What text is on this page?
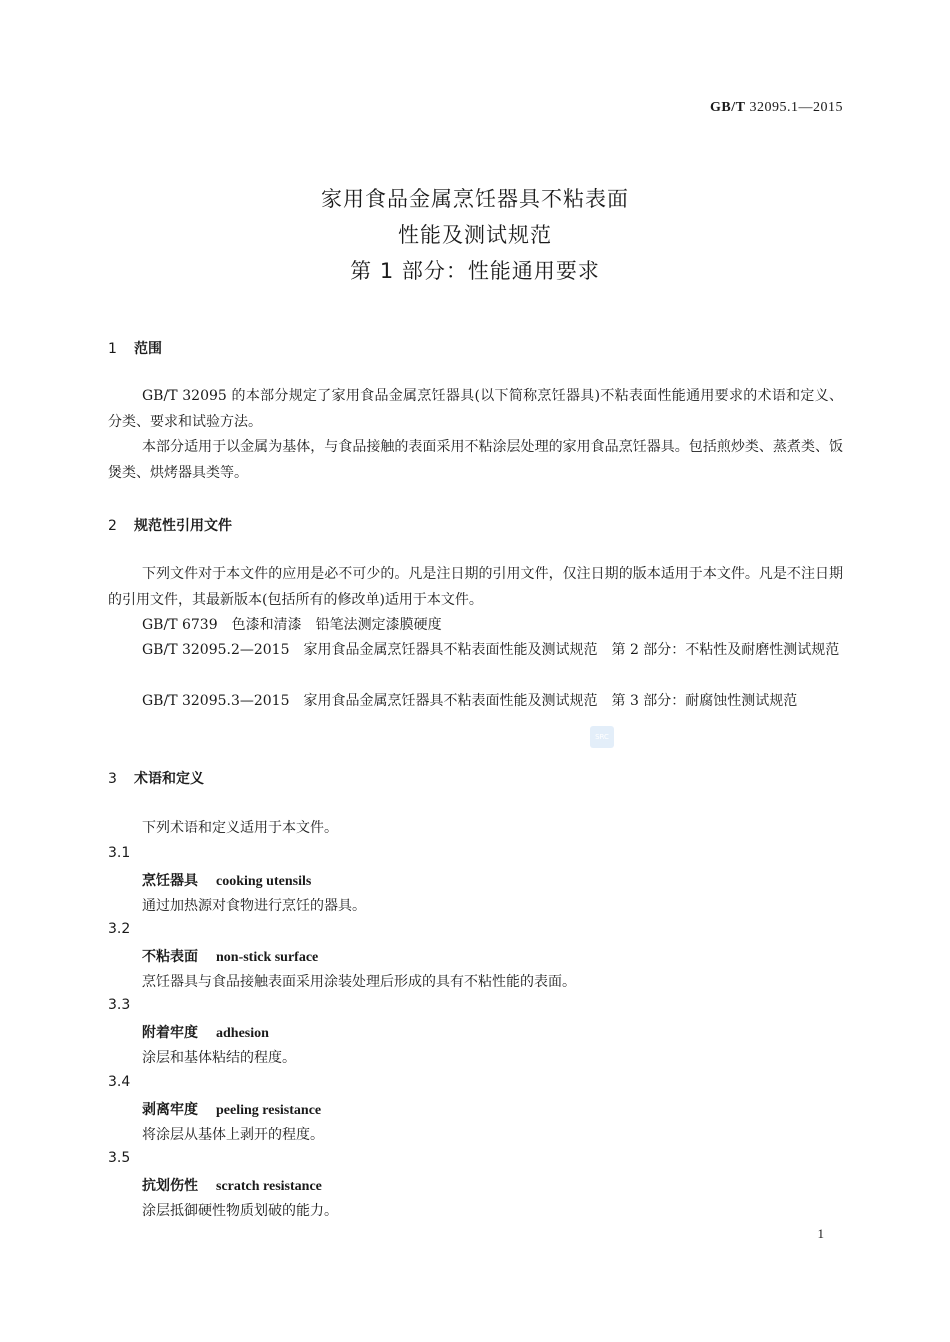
GB/T 32095.1—2015
家用食品金属烹饪器具不粘表面
性能及测试规范
第 1 部分：性能通用要求
1 范围
GB/T 32095 的本部分规定了家用食品金属烹饪器具(以下简称烹饪器具)不粘表面性能通用要求的术语和定义、分类、要求和试验方法。
本部分适用于以金属为基体，与食品接触的表面采用不粘涂层处理的家用食品烹饪器具。包括煎炒类、蒸煮类、饭煲类、烘烤器具类等。
2 规范性引用文件
下列文件对于本文件的应用是必不可少的。凡是注日期的引用文件，仅注日期的版本适用于本文件。凡是不注日期的引用文件，其最新版本(包括所有的修改单)适用于本文件。
GB/T 6739　色漆和清漆　铅笔法测定漆膜硬度
GB/T 32095.2—2015　家用食品金属烹饪器具不粘表面性能及测试规范　第 2 部分：不粘性及耐磨性测试规范
GB/T 32095.3—2015　家用食品金属烹饪器具不粘表面性能及测试规范　第 3 部分：耐腐蚀性测试规范
SRC
3 术语和定义
下列术语和定义适用于本文件。
3.1
烹饪器具 cooking utensils
通过加热源对食物进行烹饪的器具。
3.2
不粘表面 non-stick surface
烹饪器具与食品接触表面采用涂装处理后形成的具有不粘性能的表面。
3.3
附着牢度 adhesion
涂层和基体粘结的程度。
3.4
剥离牢度 peeling resistance
将涂层从基体上剥开的程度。
3.5
抗划伤性 scratch resistance
涂层抵御硬性物质划破的能力。
1
